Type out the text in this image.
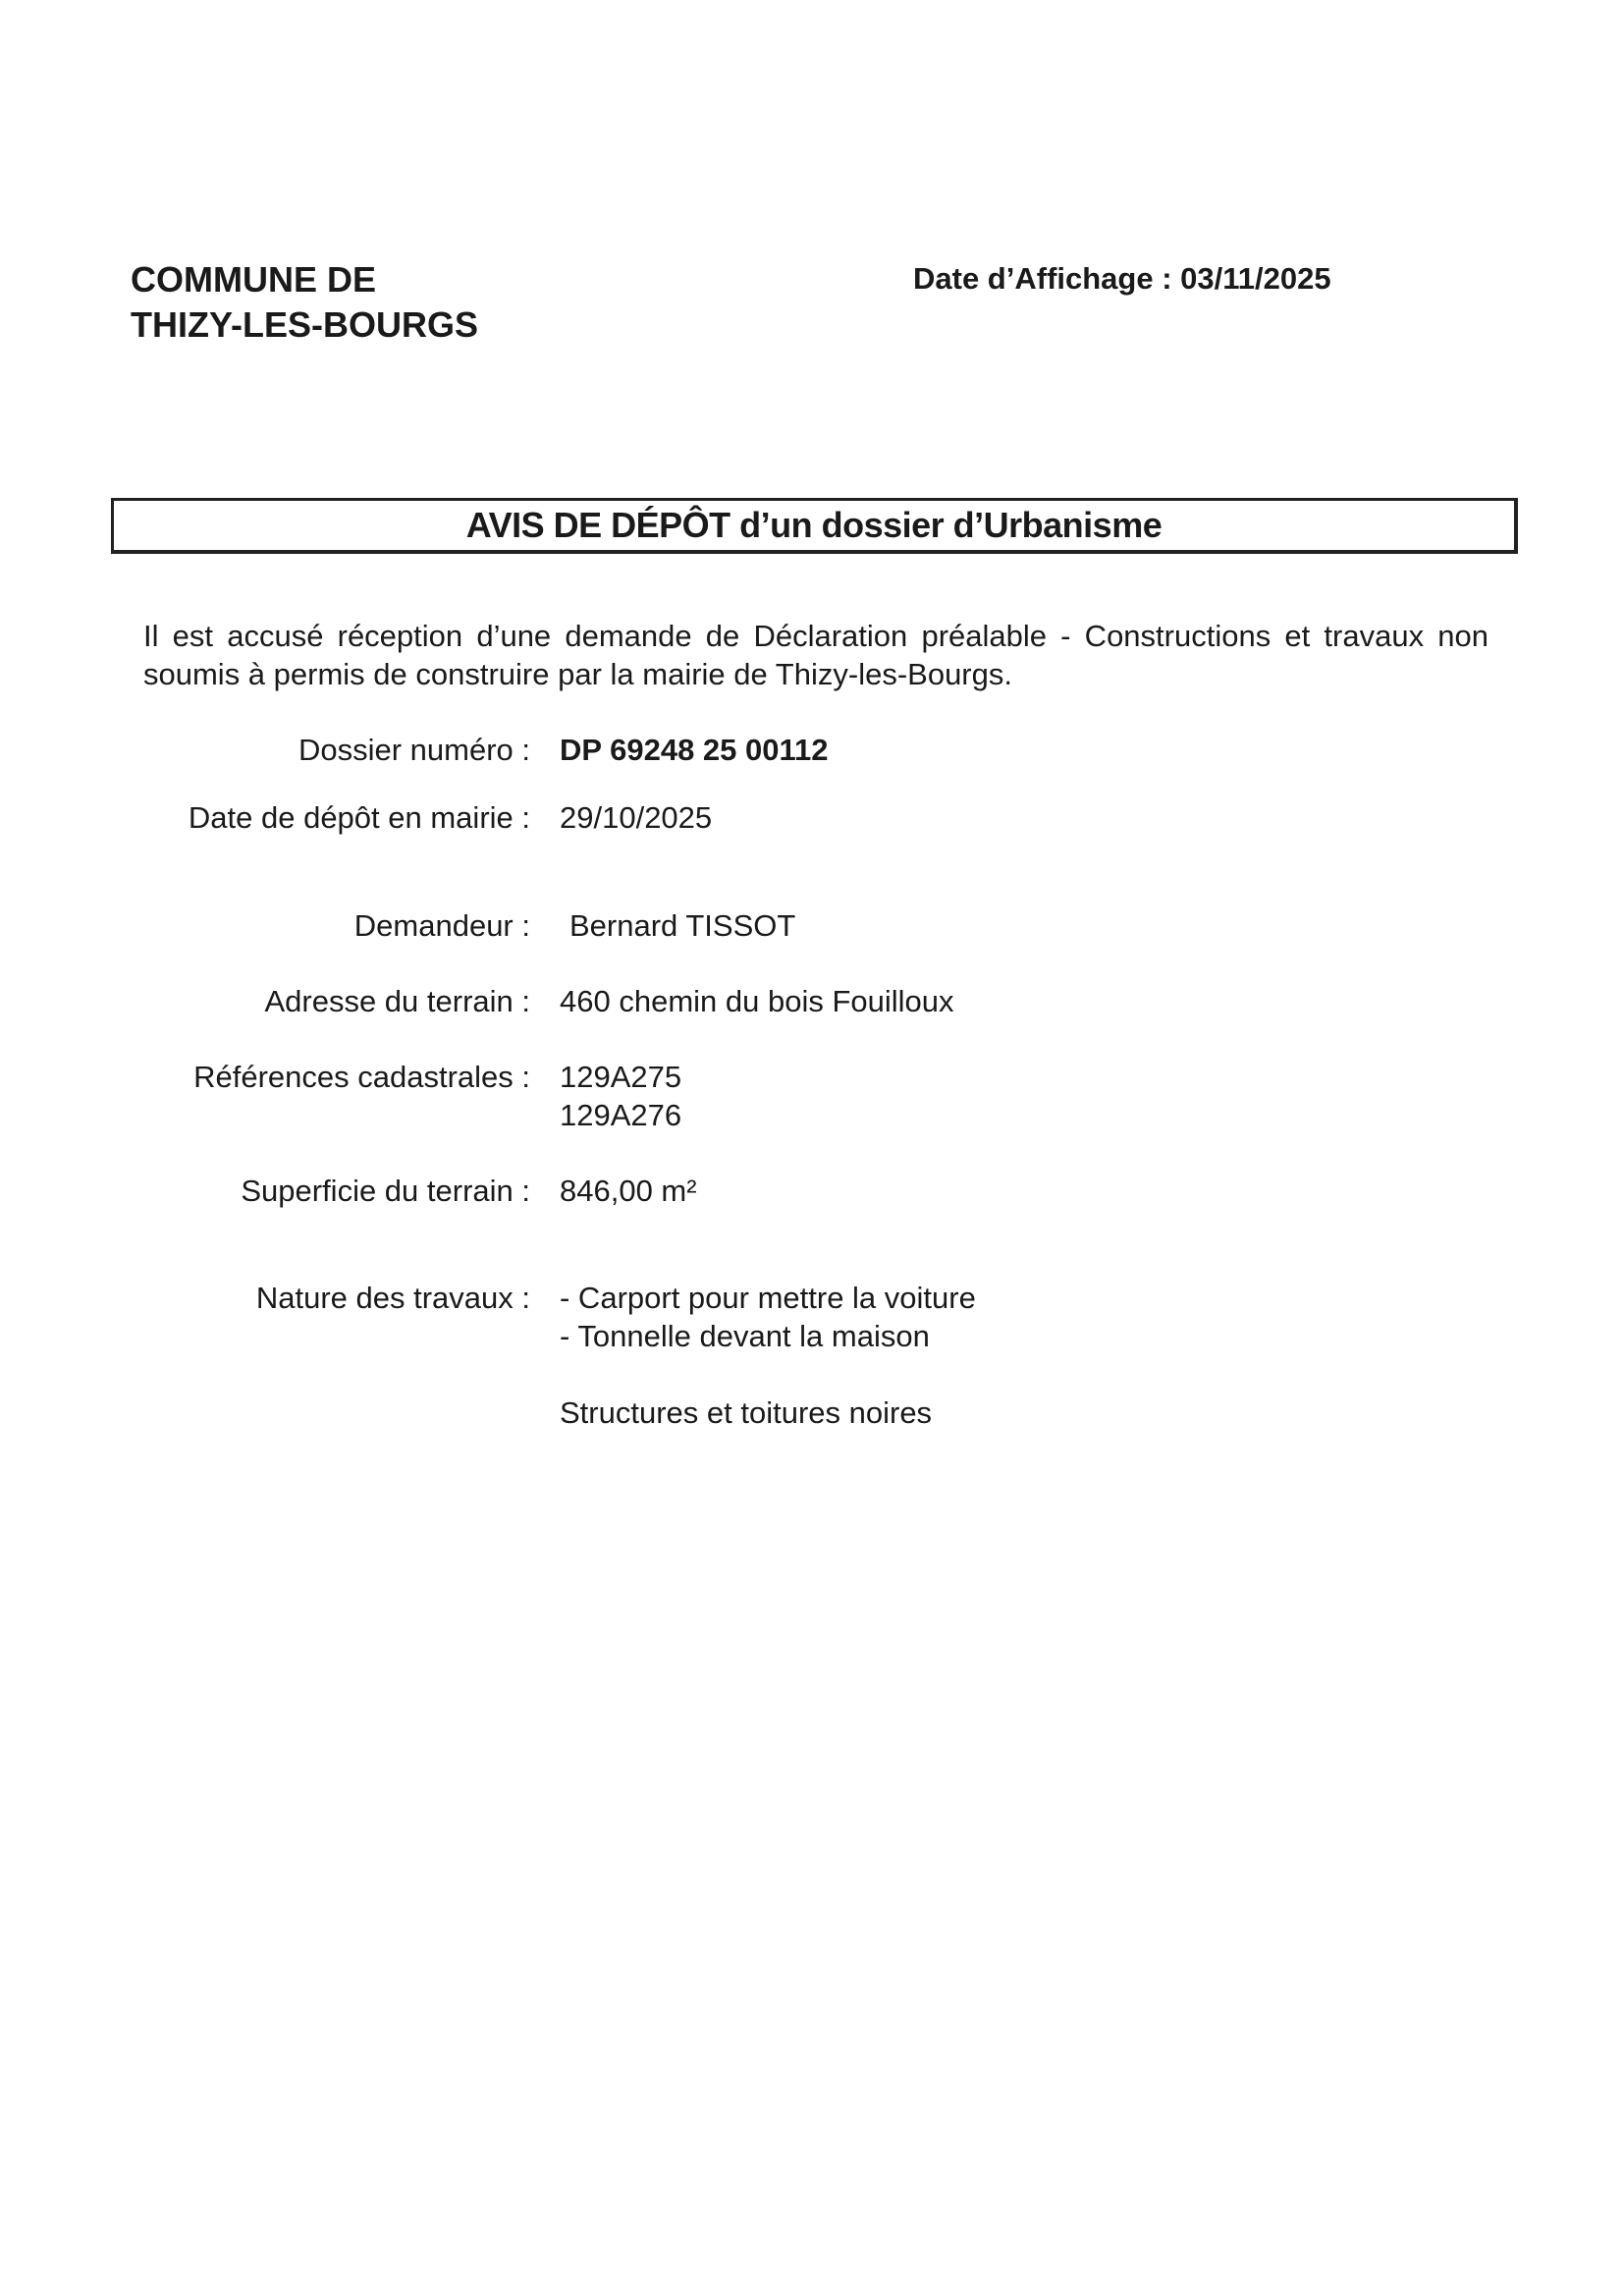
COMMUNE DE
THIZY-LES-BOURGS
Date d’Affichage : 03/11/2025
AVIS DE DÉPÔT d’un dossier d’Urbanisme
Il est accusé réception d’une demande de Déclaration préalable - Constructions et travaux non soumis à permis de construire par la mairie de Thizy-les-Bourgs.
Dossier numéro : DP 69248 25 00112
Date de dépôt en mairie : 29/10/2025
Demandeur : Bernard TISSOT
Adresse du terrain : 460 chemin du bois Fouilloux
Références cadastrales : 129A275
129A276
Superficie du terrain : 846,00 m²
Nature des travaux : - Carport pour mettre la voiture
- Tonnelle devant la maison
Structures et toitures noires
